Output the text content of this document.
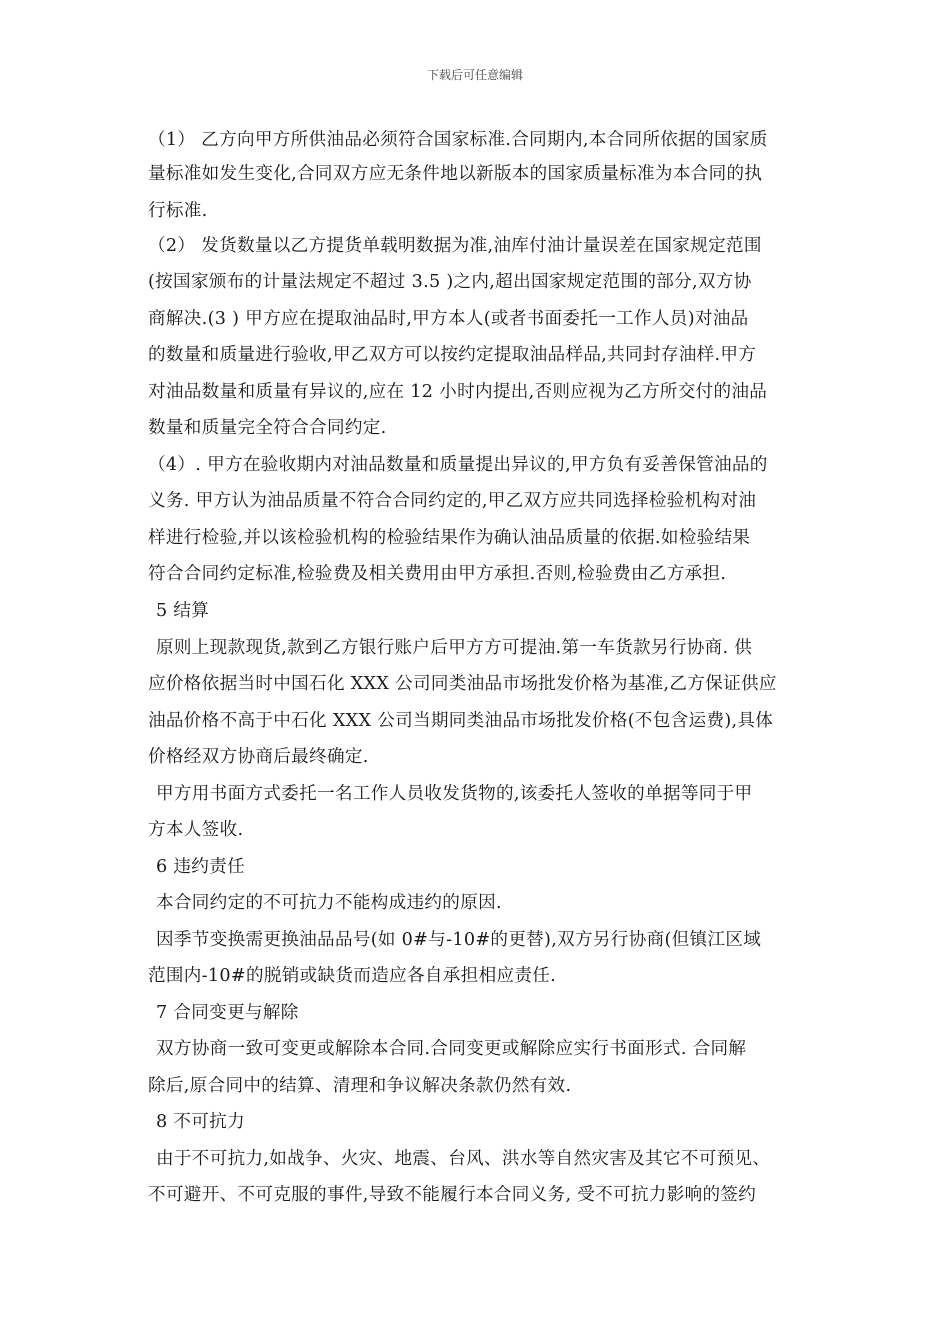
下载后可任意编辑
（1） 乙方向甲方所供油品必须符合国家标准.合同期内,本合同所依据的国家质
量标准如发生变化,合同双方应无条件地以新版本的国家质量标准为本合同的执
行标准.
（2） 发货数量以乙方提货单载明数据为准,油库付油计量误差在国家规定范围
(按国家颁布的计量法规定不超过 3.5 )之内,超出国家规定范围的部分,双方协
商解决.(3 ) 甲方应在提取油品时,甲方本人(或者书面委托一工作人员)对油品
的数量和质量进行验收,甲乙双方可以按约定提取油品样品,共同封存油样.甲方
对油品数量和质量有异议的,应在 12 小时内提出,否则应视为乙方所交付的油品
数量和质量完全符合合同约定.
（4）. 甲方在验收期内对油品数量和质量提出异议的,甲方负有妥善保管油品的
义务. 甲方认为油品质量不符合合同约定的,甲乙双方应共同选择检验机构对油
样进行检验,并以该检验机构的检验结果作为确认油品质量的依据.如检验结果
符合合同约定标准,检验费及相关费用由甲方承担.否则,检验费由乙方承担.
5 结算
原则上现款现货,款到乙方银行账户后甲方方可提油.第一车货款另行协商. 供
应价格依据当时中国石化 XXX 公司同类油品市场批发价格为基准,乙方保证供应
油品价格不高于中石化 XXX 公司当期同类油品市场批发价格(不包含运费),具体
价格经双方协商后最终确定.
甲方用书面方式委托一名工作人员收发货物的,该委托人签收的单据等同于甲
方本人签收.
6 违约责任
本合同约定的不可抗力不能构成违约的原因.
因季节变换需更换油品品号(如 0#与-10#的更替),双方另行协商(但镇江区域
范围内-10#的脱销或缺货而造应各自承担相应责任.
7 合同变更与解除
双方协商一致可变更或解除本合同.合同变更或解除应实行书面形式. 合同解
除后,原合同中的结算、清理和争议解决条款仍然有效.
8 不可抗力
由于不可抗力,如战争、火灾、地震、台风、洪水等自然灾害及其它不可预见、
不可避开、不可克服的事件,导致不能履行本合同义务, 受不可抗力影响的签约
